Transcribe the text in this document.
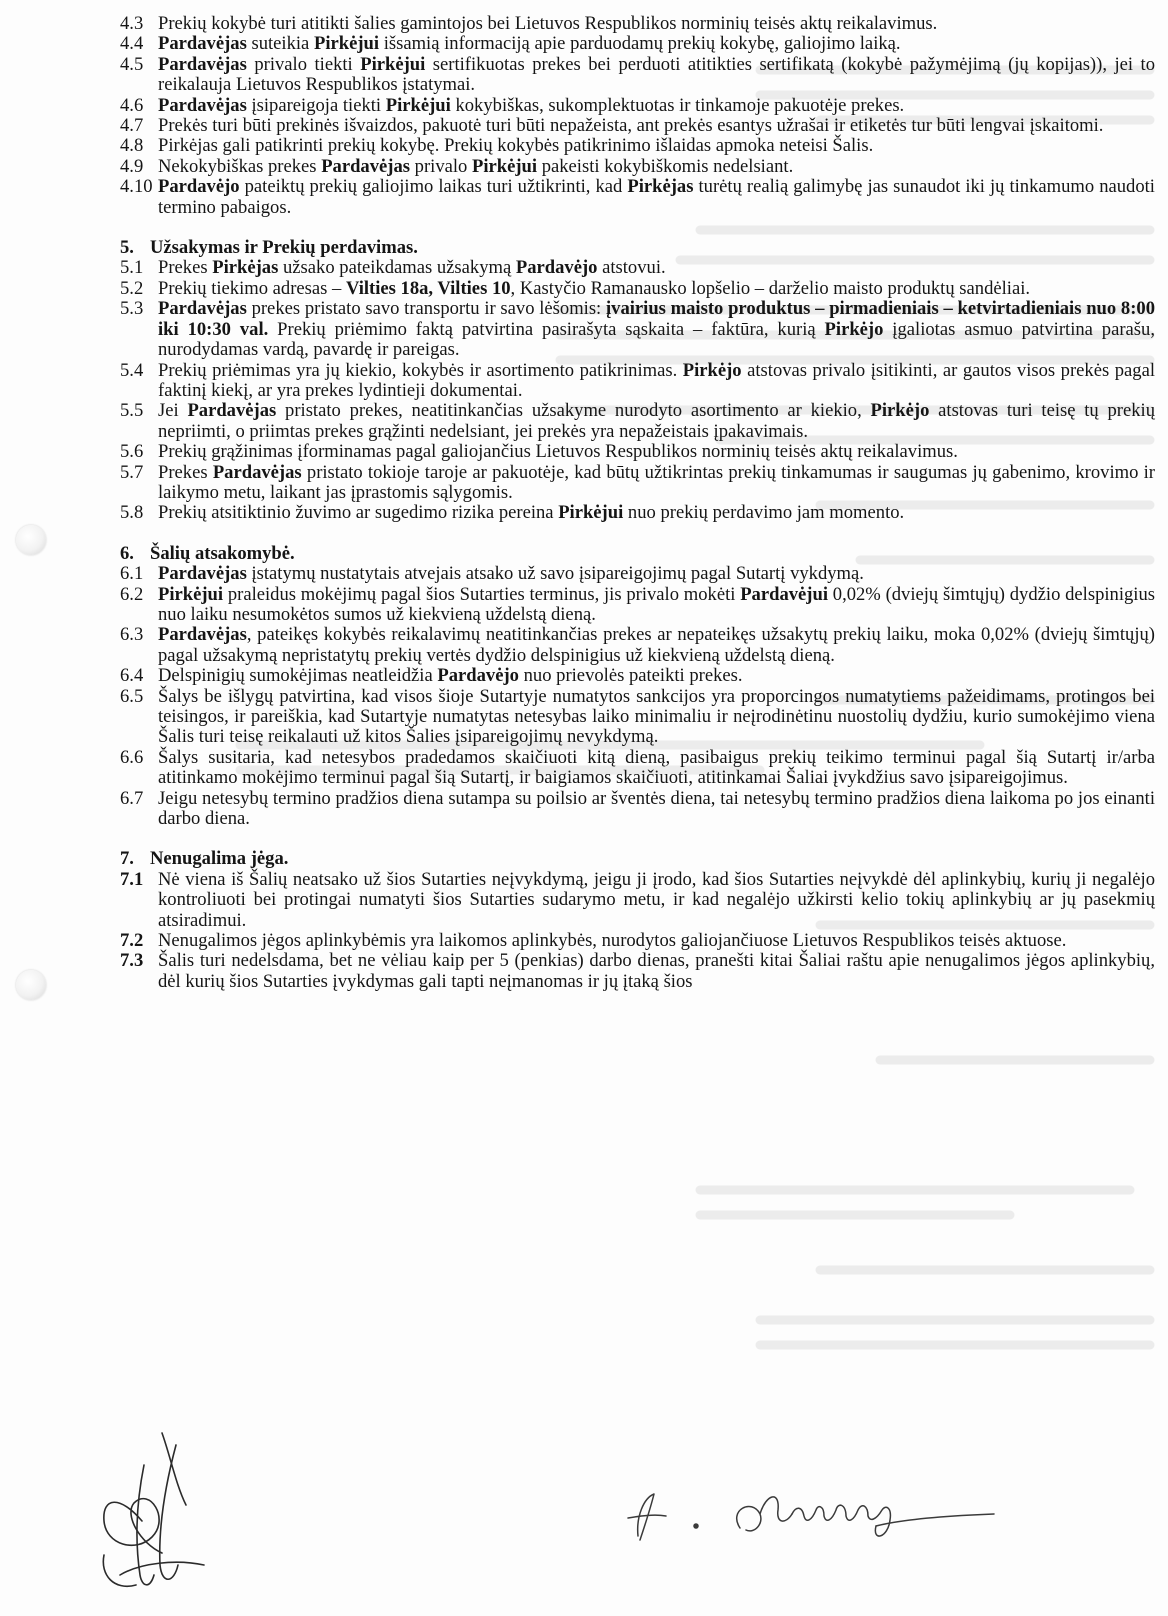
4.3 Prekių kokybė turi atitikti šalies gamintojos bei Lietuvos Respublikos norminių teisės aktų reikalavimus.
4.4 Pardavėjas suteikia Pirkėjui išsamią informaciją apie parduodamų prekių kokybę, galiojimo laiką.
4.5 Pardavėjas privalo tiekti Pirkėjui sertifikuotas prekes bei perduoti atitikties sertifikatą (kokybė pažymėjimą (jų kopijas)), jei to reikalauja Lietuvos Respublikos įstatymai.
4.6 Pardavėjas įsipareigoja tiekti Pirkėjui kokybiškas, sukomplektuotas ir tinkamoje pakuotėje prekes.
4.7 Prekės turi būti prekinės išvaizdos, pakuotė turi būti nepažeista, ant prekės esantys užrašai ir etiketės tur būti lengvai įskaitomi.
4.8 Pirkėjas gali patikrinti prekių kokybę. Prekių kokybės patikrinimo išlaidas apmoka neteisi Šalis.
4.9 Nekokybiškas prekes Pardavėjas privalo Pirkėjui pakeisti kokybiškomis nedelsiant.
4.10 Pardavėjo pateiktų prekių galiojimo laikas turi užtikrinti, kad Pirkėjas turėtų realią galimybę jas sunaudot iki jų tinkamumo naudoti termino pabaigos.
5. Užsakymas ir Prekių perdavimas.
5.1 Prekes Pirkėjas užsako pateikdamas užsakymą Pardavėjo atstovui.
5.2 Prekių tiekimo adresas – Vilties 18a, Vilties 10, Kastyčio Ramanausko lopšelio – darželio maisto produktų sandėliai.
5.3 Pardavėjas prekes pristato savo transportu ir savo lėšomis: įvairius maisto produktus – pirmadieniais – ketvirtadieniais nuo 8:00 iki 10:30 val. Prekių priėmimo faktą patvirtina pasirašyta sąskaita – faktūra, kurią Pirkėjo įgaliotas asmuo patvirtina parašu, nurodydamas vardą, pavardę ir pareigas.
5.4 Prekių priėmimas yra jų kiekio, kokybės ir asortimento patikrinimas. Pirkėjo atstovas privalo įsitikinti, ar gautos visos prekės pagal faktinį kiekį, ar yra prekes lydintieji dokumentai.
5.5 Jei Pardavėjas pristato prekes, neatitinkančias užsakyme nurodyto asortimento ar kiekio, Pirkėjo atstovas turi teisę tų prekių nepriimti, o priimtas prekes grąžinti nedelsiant, jei prekės yra nepažeistais įpakavimais.
5.6 Prekių grąžinimas įforminamas pagal galiojančius Lietuvos Respublikos norminių teisės aktų reikalavimus.
5.7 Prekes Pardavėjas pristato tokioje taroje ar pakuotėje, kad būtų užtikrintas prekių tinkamumas ir saugumas jų gabenimo, krovimo ir laikymo metu, laikant jas įprastomis sąlygomis.
5.8 Prekių atsitiktinio žuvimo ar sugedimo rizika pereina Pirkėjui nuo prekių perdavimo jam momento.
6. Šalių atsakomybė.
6.1 Pardavėjas įstatymų nustatytais atvejais atsako už savo įsipareigojimų pagal Sutartį vykdymą.
6.2 Pirkėjui praleidus mokėjimų pagal šios Sutarties terminus, jis privalo mokėti Pardavėjui 0,02% (dviejų šimtųjų) dydžio delspinigius nuo laiku nesumokėtos sumos už kiekvieną uždelstą dieną.
6.3 Pardavėjas, pateikęs kokybės reikalavimų neatitinkančias prekes ar nepateikęs užsakytų prekių laiku, moka 0,02% (dviejų šimtųjų) pagal užsakymą nepristatytų prekių vertės dydžio delspinigius už kiekvieną uždelstą dieną.
6.4 Delspinigių sumokėjimas neatleidžia Pardavėjo nuo prievolės pateikti prekes.
6.5 Šalys be išlygų patvirtina, kad visos šioje Sutartyje numatytos sankcijos yra proporcingos numatytiems pažeidimams, protingos bei teisingos, ir pareiškia, kad Sutartyje numatytas netesybas laiko minimaliu ir neįrodinėtinu nuostolių dydžiu, kurio sumokėjimo viena Šalis turi teisę reikalauti už kitos Šalies įsipareigojimų nevykdymą.
6.6 Šalys susitaria, kad netesybos pradedamos skaičiuoti kitą dieną, pasibaigus prekių teikimo terminui pagal šią Sutartį ir/arba atitinkamo mokėjimo terminui pagal šią Sutartį, ir baigiamos skaičiuoti, atitinkamai Šaliai įvykdžius savo įsipareigojimus.
6.7 Jeigu netesybų termino pradžios diena sutampa su poilsio ar šventės diena, tai netesybų termino pradžios diena laikoma po jos einanti darbo diena.
7. Nenugalima jėga.
7.1 Nė viena iš Šalių neatsako už šios Sutarties neįvykdymą, jeigu ji įrodo, kad šios Sutarties neįvykdė dėl aplinkybių, kurių ji negalėjo kontroliuoti bei protingai numatyti šios Sutarties sudarymo metu, ir kad negalėjo užkirsti kelio tokių aplinkybių ar jų pasekmių atsiradimui.
7.2 Nenugalimos jėgos aplinkybėmis yra laikomos aplinkybės, nurodytos galiojančiuose Lietuvos Respublikos teisės aktuose.
7.3 Šalis turi nedelsdama, bet ne vėliau kaip per 5 (penkias) darbo dienas, pranešti kitai Šaliai raštu apie nenugalimos jėgos aplinkybių, dėl kurių šios Sutarties įvykdymas gali tapti neįmanomas ir jų įtaką šios
